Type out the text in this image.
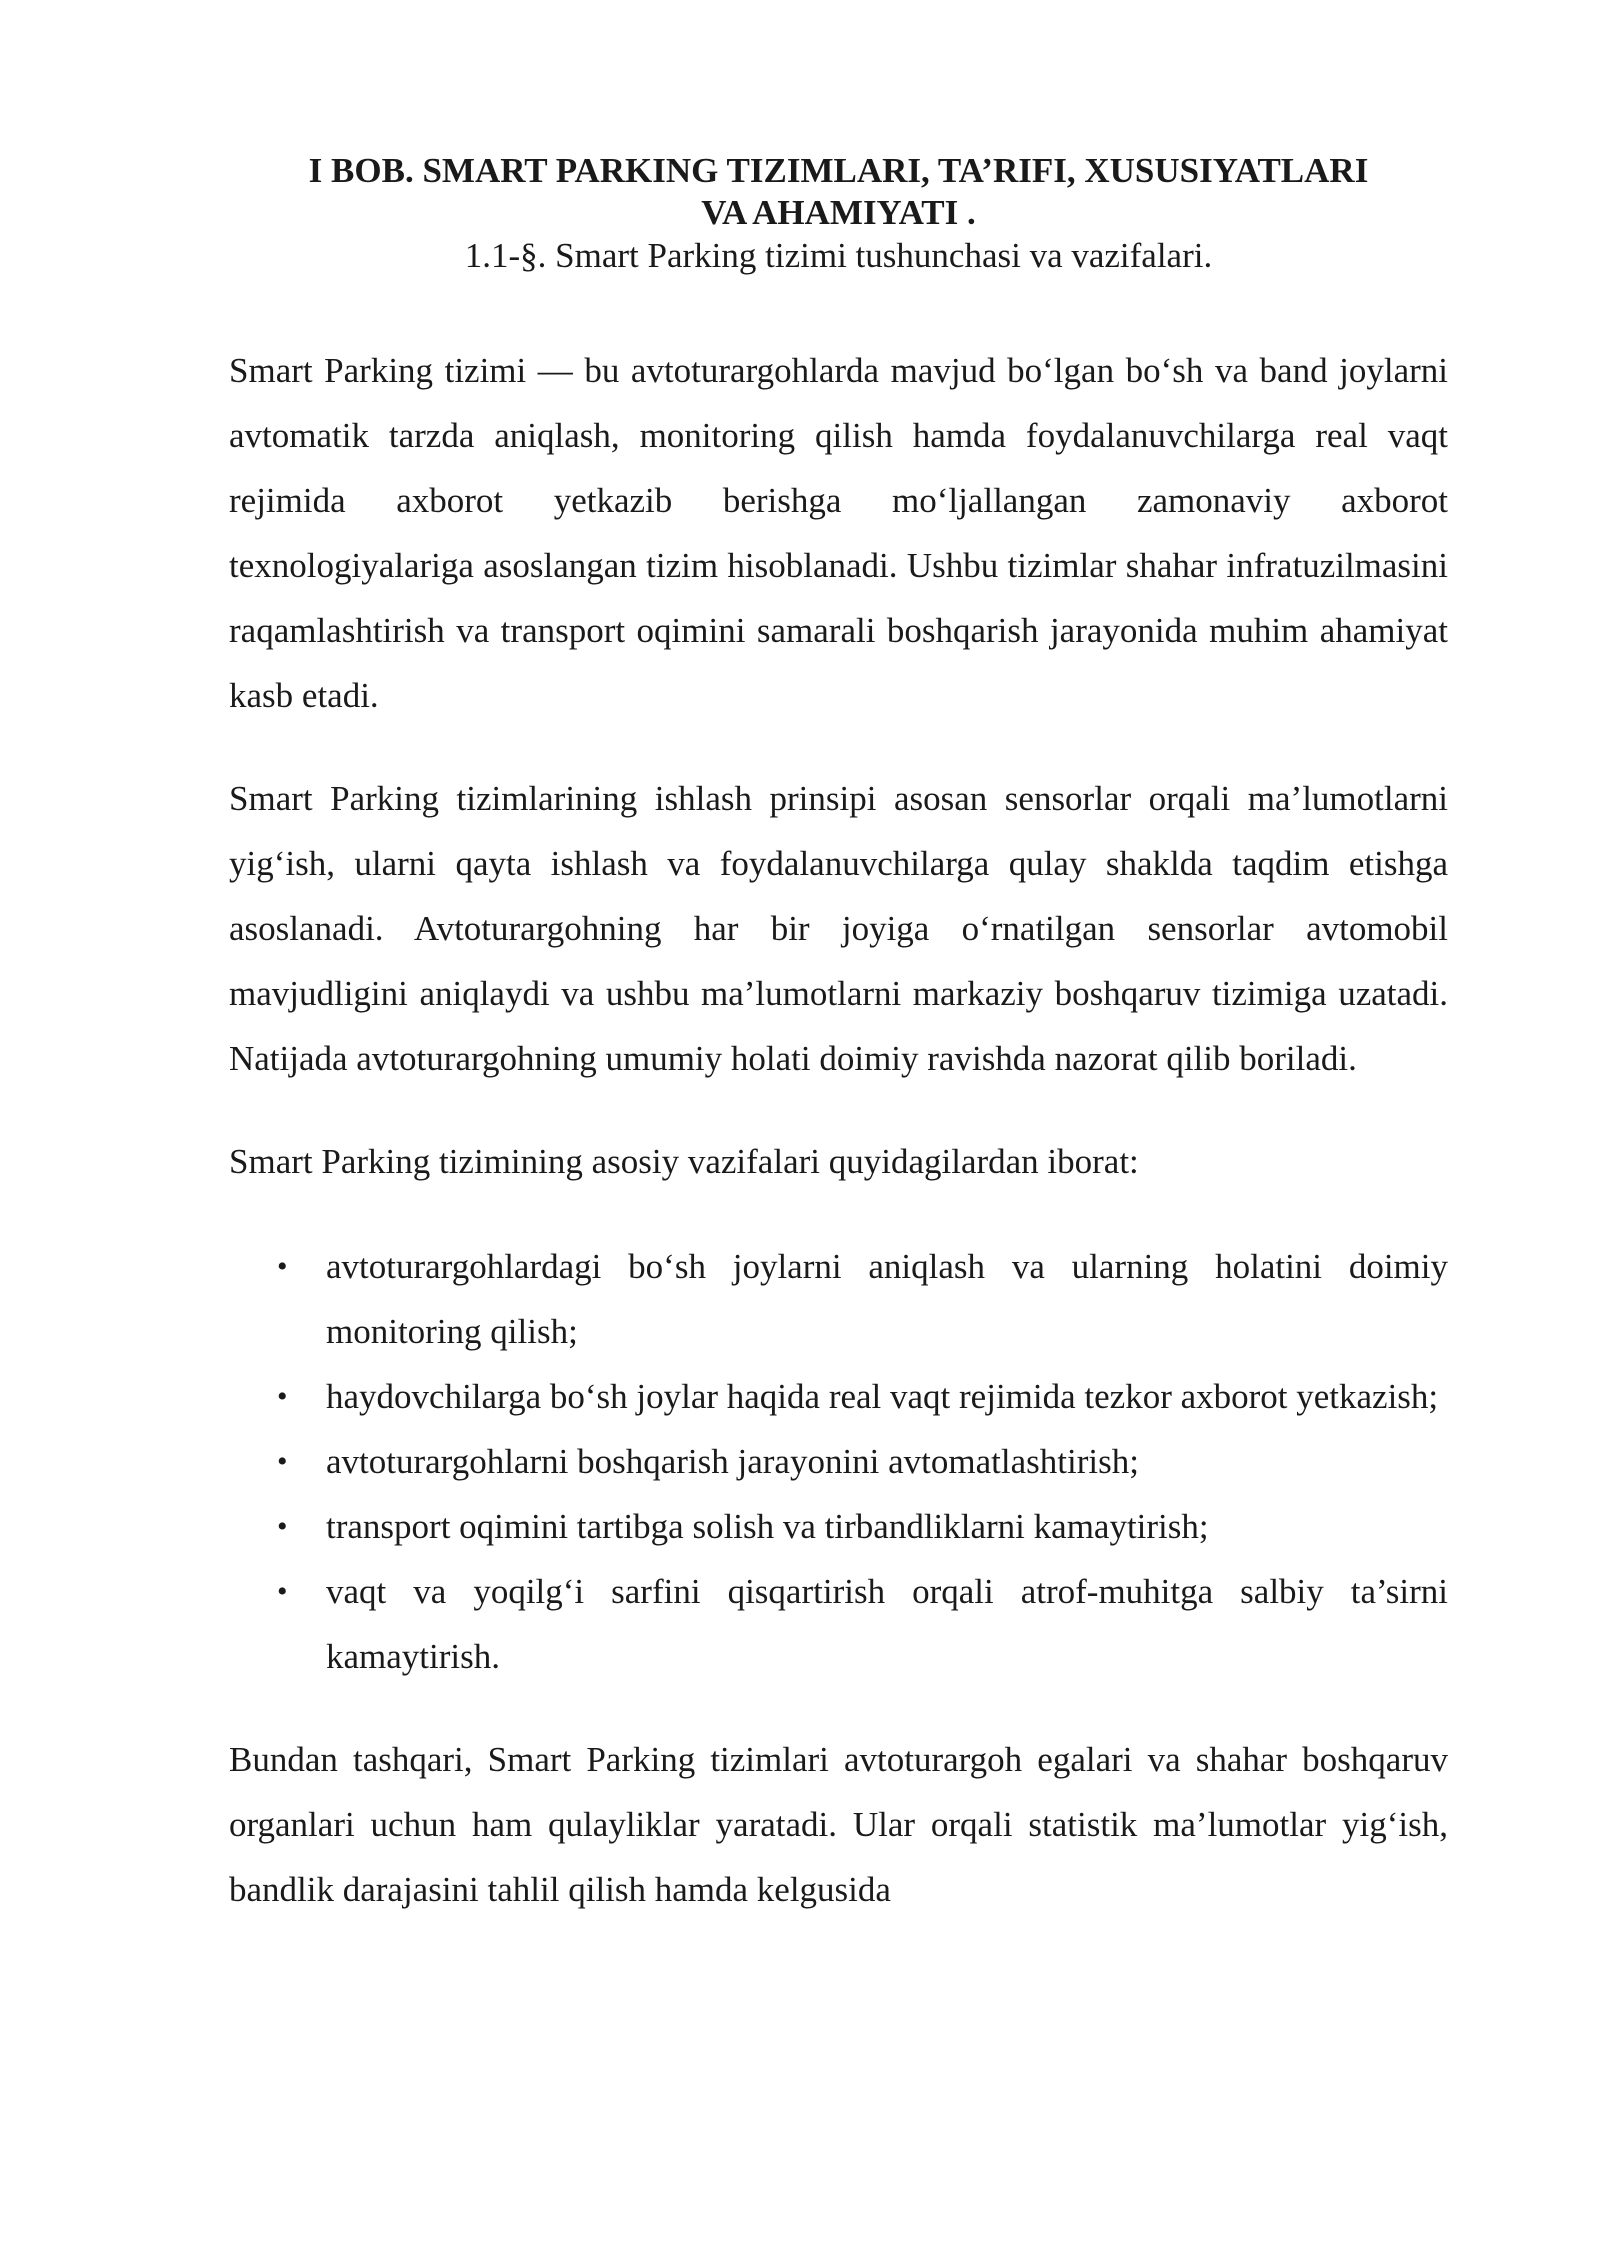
I BOB. SMART PARKING TIZIMLARI, TA’RIFI, XUSUSIYATLARI

VA AHAMIYATI .

1.1-§. Smart Parking tizimi tushunchasi va vazifalari.

Smart Parking tizimi — bu avtoturargohlarda mavjud boʻlgan boʻsh va band joylarni avtomatik tarzda aniqlash, monitoring qilish hamda foydalanuvchilarga real vaqt rejimida axborot yetkazib berishga moʻljallangan zamonaviy axborot texnologiyalariga asoslangan tizim hisoblanadi. Ushbu tizimlar shahar infratuzilmasini raqamlashtirish va transport oqimini samarali boshqarish jarayonida muhim ahamiyat kasb etadi.

Smart Parking tizimlarining ishlash prinsipi asosan sensorlar orqali ma’lumotlarni yigʻish, ularni qayta ishlash va foydalanuvchilarga qulay shaklda taqdim etishga asoslanadi. Avtoturargohning har bir joyiga oʻrnatilgan sensorlar avtomobil mavjudligini aniqlaydi va ushbu ma’lumotlarni markaziy boshqaruv tizimiga uzatadi. Natijada avtoturargohning umumiy holati doimiy ravishda nazorat qilib boriladi.

Smart Parking tizimining asosiy vazifalari quyidagilardan iborat:

• avtoturargohlardagi boʻsh joylarni aniqlash va ularning holatini doimiy monitoring qilish;
• haydovchilarga boʻsh joylar haqida real vaqt rejimida tezkor axborot yetkazish;
• avtoturargohlarni boshqarish jarayonini avtomatlashtirish;
• transport oqimini tartibga solish va tirbandliklarni kamaytirish;
• vaqt va yoqilgʻi sarfini qisqartirish orqali atrof-muhitga salbiy ta’sirni kamaytirish.

Bundan tashqari, Smart Parking tizimlari avtoturargoh egalari va shahar boshqaruv organlari uchun ham qulayliklar yaratadi. Ular orqali statistik ma’lumotlar yigʻish, bandlik darajasini tahlil qilish hamda kelgusida
